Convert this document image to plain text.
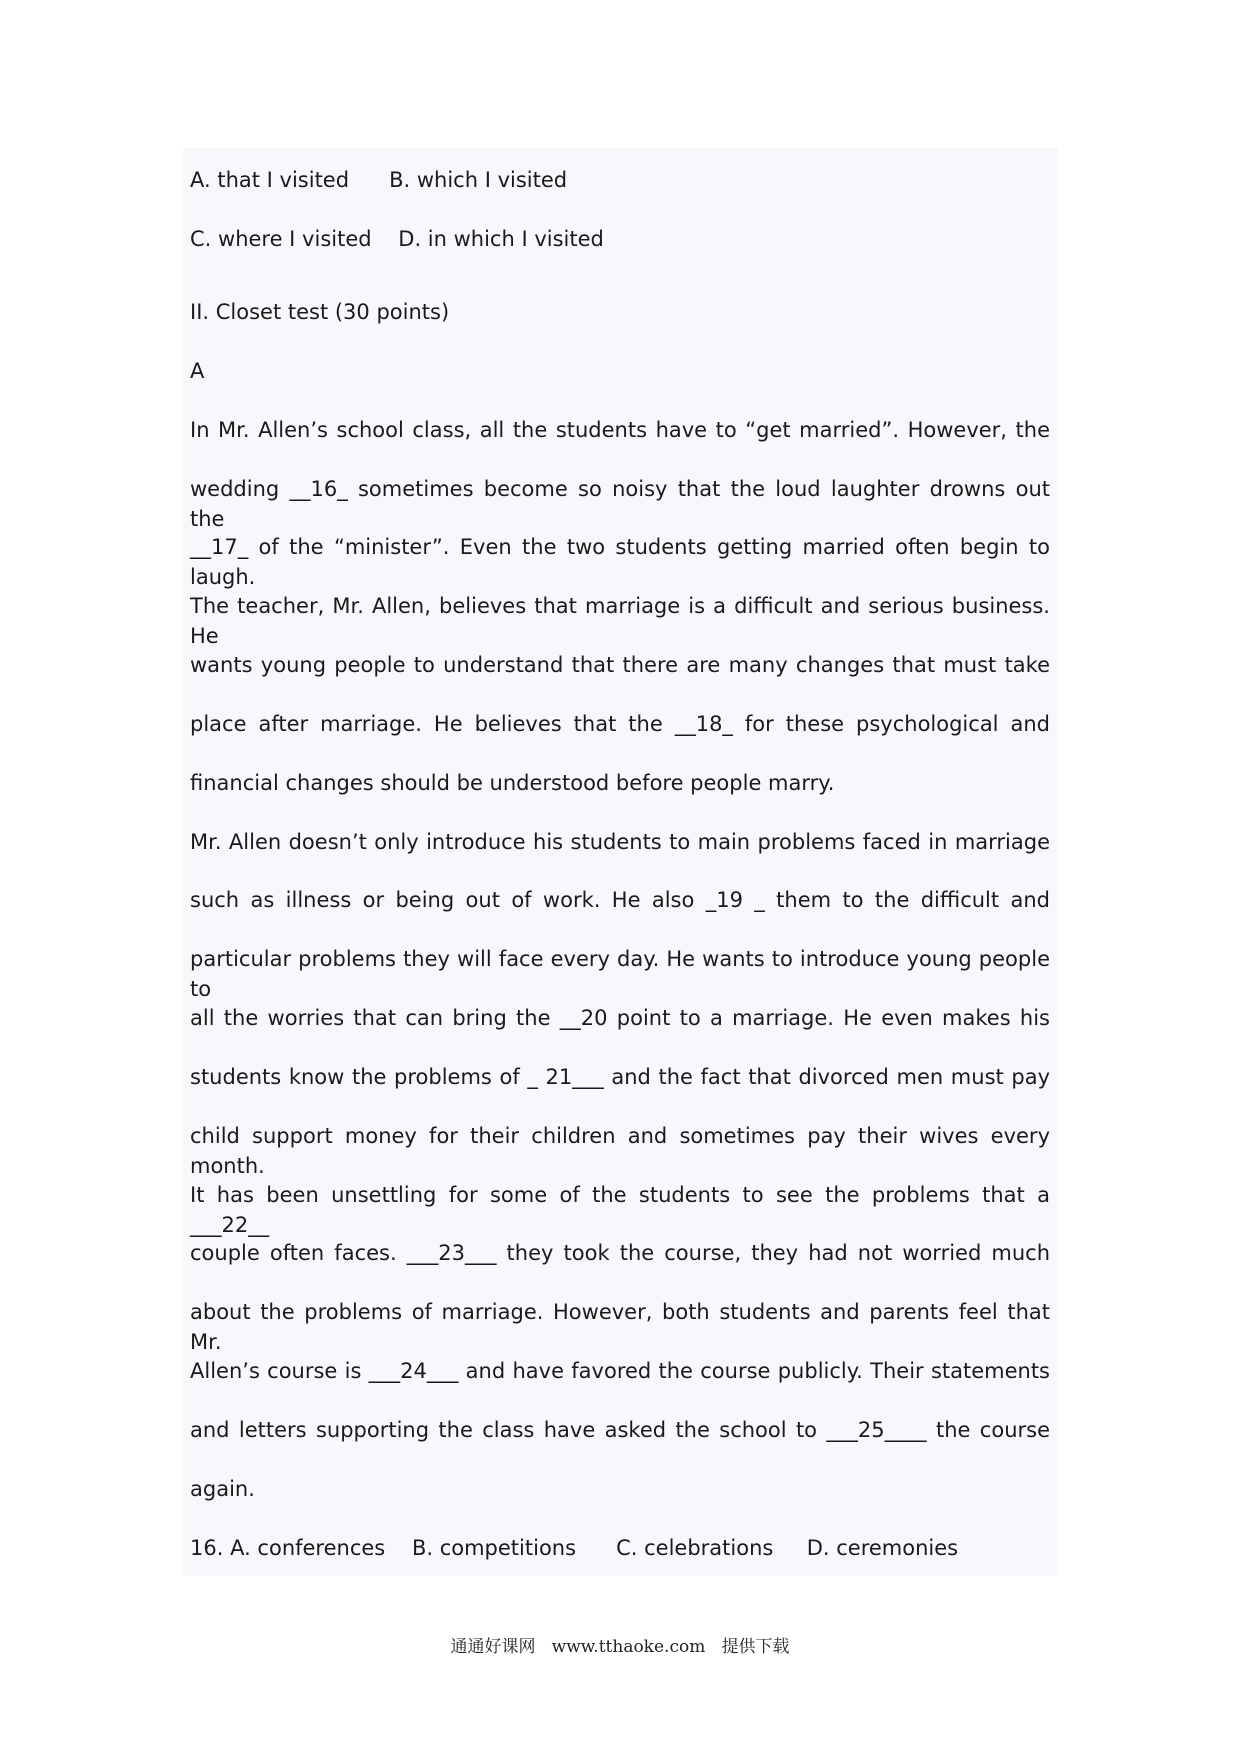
A. that I visited      B. which I visited
C. where I visited    D. in which I visited
II. Closet test (30 points)
A
In Mr. Allen’s school class, all the students have to “get married”. However, the
wedding __16_ sometimes become so noisy that the loud laughter drowns out the
__17_ of the “minister”. Even the two students getting married often begin to laugh.
The teacher, Mr. Allen, believes that marriage is a difficult and serious business. He
wants young people to understand that there are many changes that must take
place after marriage. He believes that the __18_ for these psychological and
financial changes should be understood before people marry.
Mr. Allen doesn’t only introduce his students to main problems faced in marriage
such as illness or being out of work. He also _19 _ them to the difficult and
particular problems they will face every day. He wants to introduce young people to
all the worries that can bring the __20 point to a marriage. He even makes his
students know the problems of _ 21___ and the fact that divorced men must pay
child support money for their children and sometimes pay their wives every month.
It has been unsettling for some of the students to see the problems that a ___22__
couple often faces. ___23___ they took the course, they had not worried much
about the problems of marriage. However, both students and parents feel that Mr.
Allen’s course is ___24___ and have favored the course publicly. Their statements
and letters supporting the class have asked the school to ___25____ the course
again.
16. A. conferences    B. competitions      C. celebrations     D. ceremonies
通通好课网   www.tthaoke.com   提供下载
